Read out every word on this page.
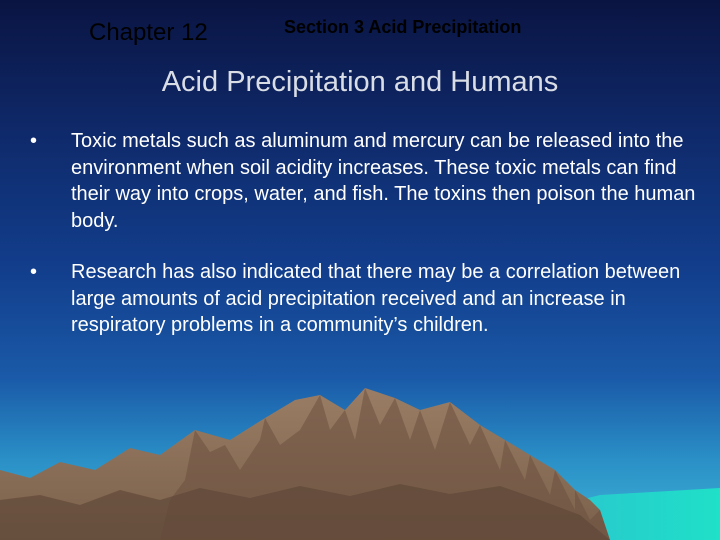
Chapter 12	Section 3 Acid Precipitation
Acid Precipitation and Humans
•	Toxic metals such as aluminum and mercury can be released into the environment when soil acidity increases. These toxic metals can find their way into crops, water, and fish. The toxins then poison the human body.
•	Research has also indicated that there may be a correlation between large amounts of acid precipitation received and an increase in respiratory problems in a community’s children.
